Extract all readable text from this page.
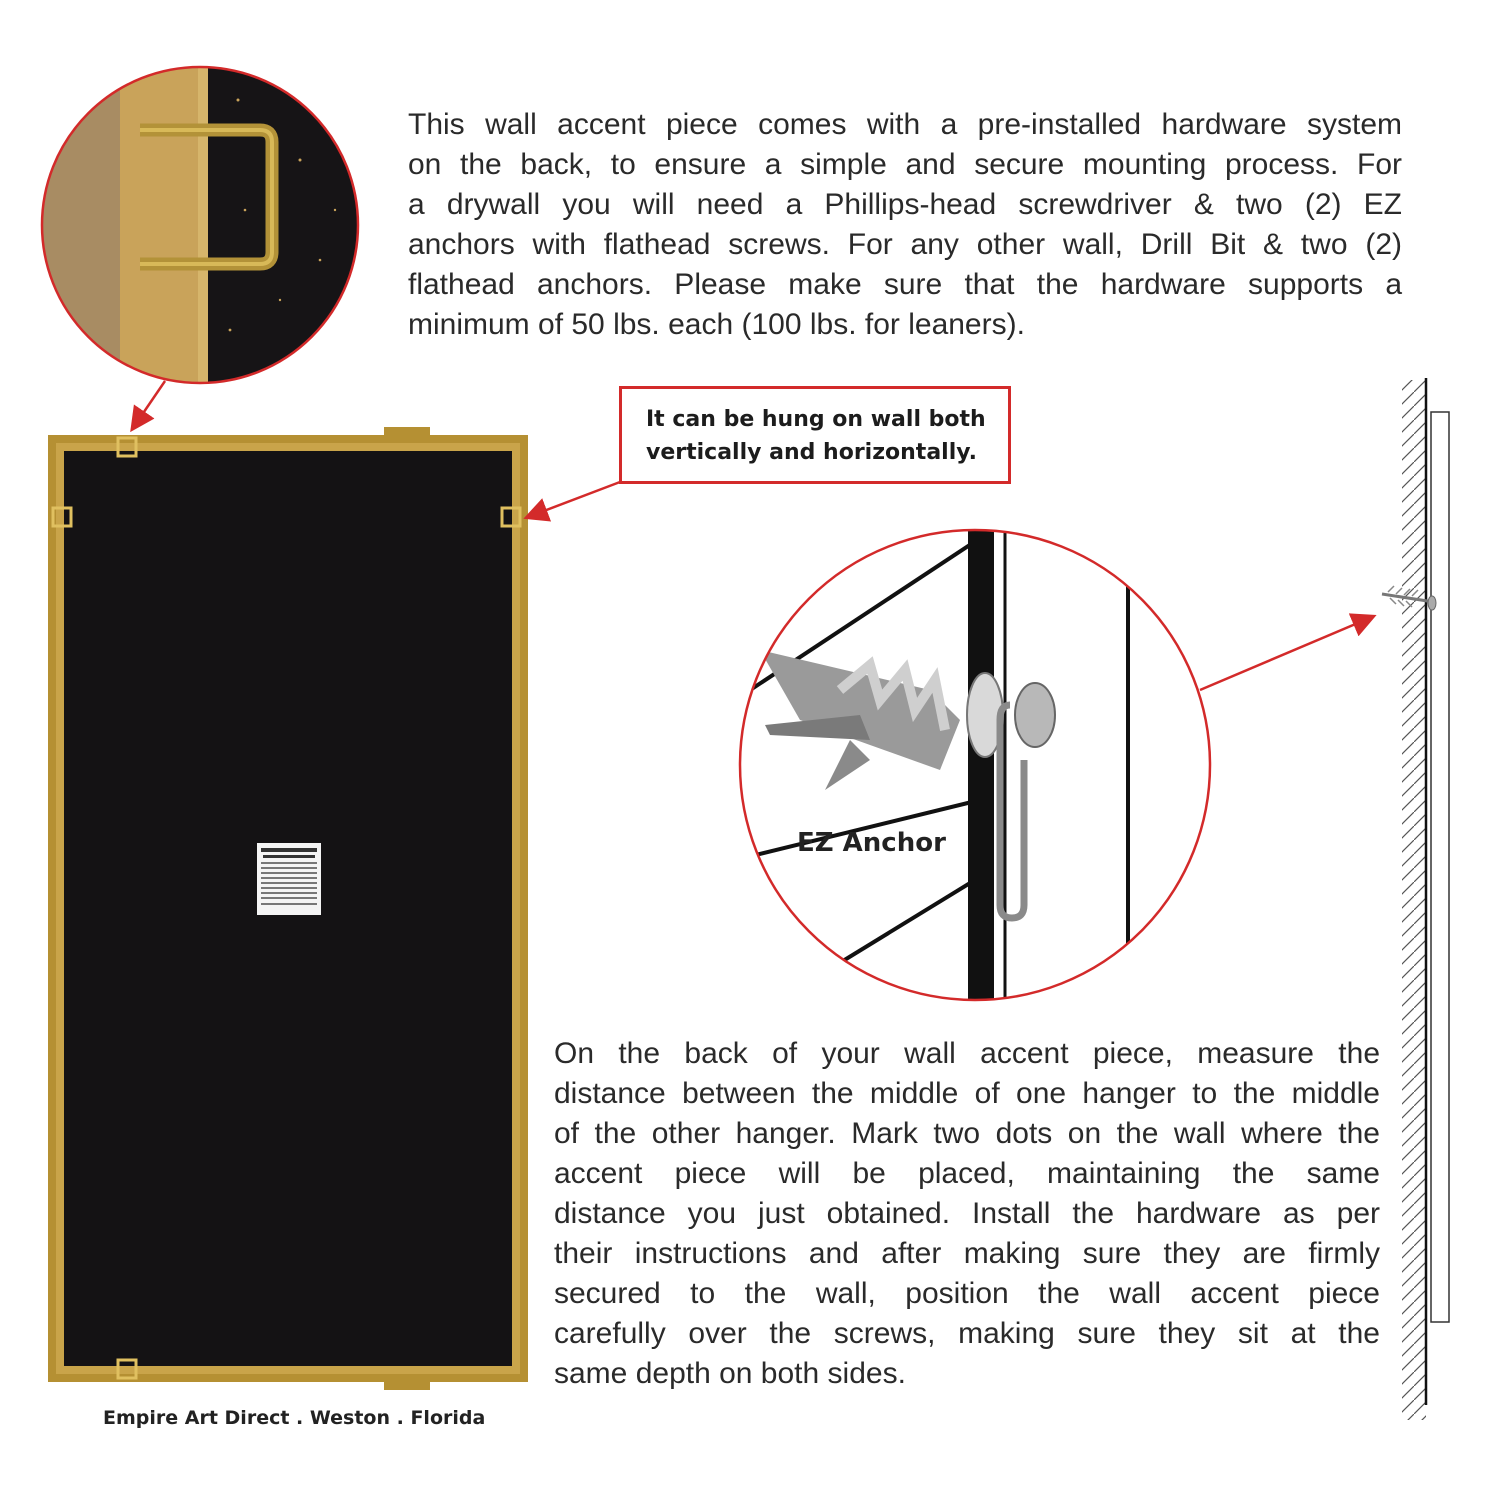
This wall accent piece comes with a pre-installed hardware system
on the back, to ensure a simple and secure mounting process. For
a drywall you will need a Phillips-head screwdriver & two (2) EZ
anchors with flathead screws. For any other wall, Drill Bit & two (2)
flathead anchors. Please make sure that the hardware supports a
minimum of 50 lbs. each (100 lbs. for leaners).
It can be hung on wall both
vertically and horizontally.
EZ Anchor
On the back of your wall accent piece, measure the
distance between the middle of one hanger to the middle
of the other hanger. Mark two dots on the wall where the
accent piece will be placed, maintaining the same
distance you just obtained. Install the hardware as per
their instructions and after making sure they are firmly
secured to the wall, position the wall accent piece
carefully over the screws, making sure they sit at the
same depth on both sides.
Empire Art Direct . Weston . Florida
